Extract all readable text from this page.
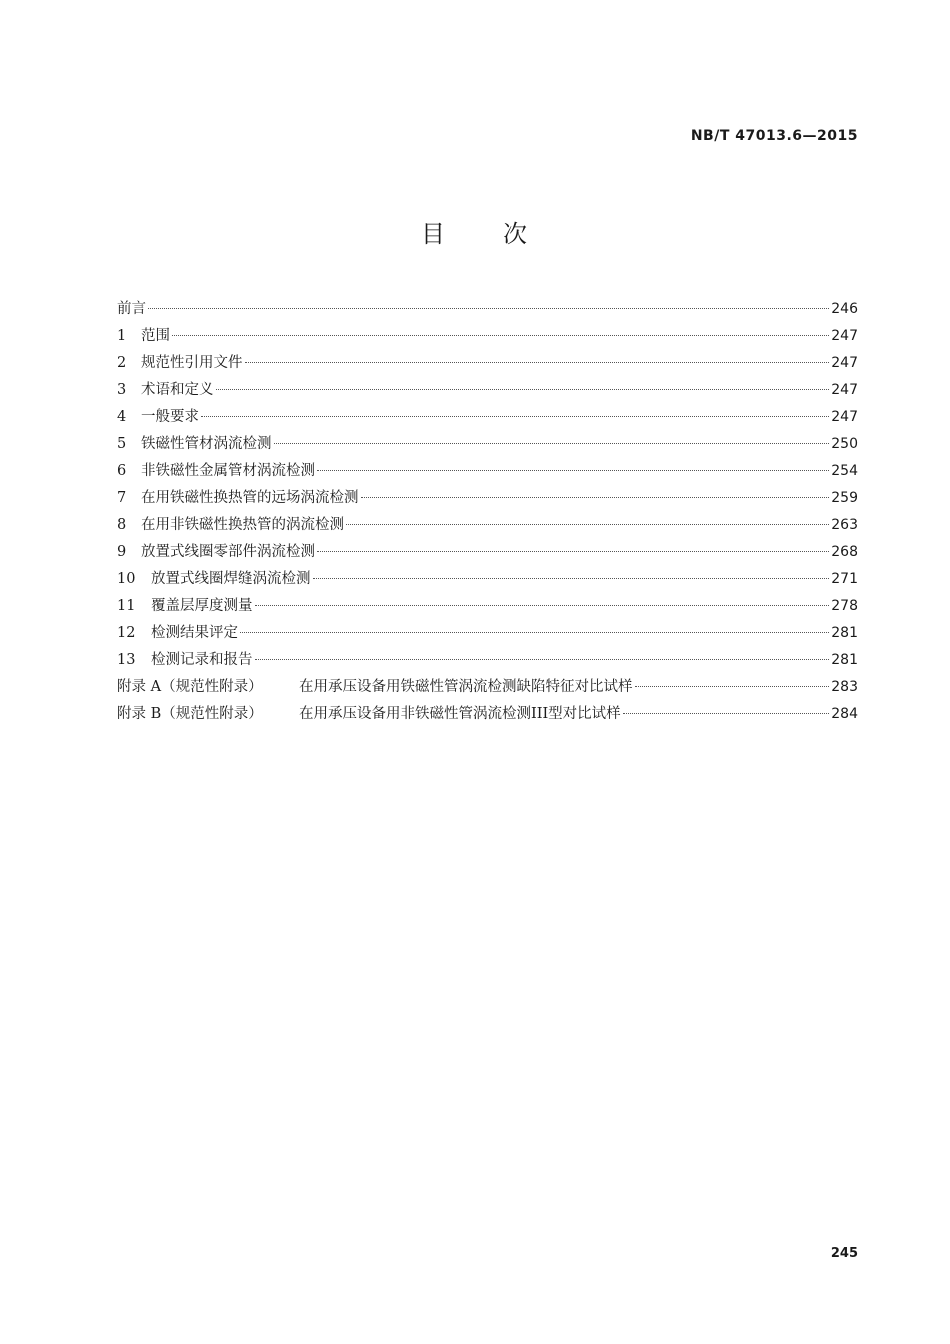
NB/T 47013.6—2015
目 次
前言	246
1	范围	247
2	规范性引用文件	247
3	术语和定义	247
4	一般要求	247
5	铁磁性管材涡流检测	250
6	非铁磁性金属管材涡流检测	254
7	在用铁磁性换热管的远场涡流检测	259
8	在用非铁磁性换热管的涡流检测	263
9	放置式线圈零部件涡流检测	268
10	放置式线圈焊缝涡流检测	271
11	覆盖层厚度测量	278
12	检测结果评定	281
13	检测记录和报告	281
附录 A（规范性附录）	在用承压设备用铁磁性管涡流检测缺陷特征对比试样	283
附录 B（规范性附录）	在用承压设备用非铁磁性管涡流检测III型对比试样	284
245
